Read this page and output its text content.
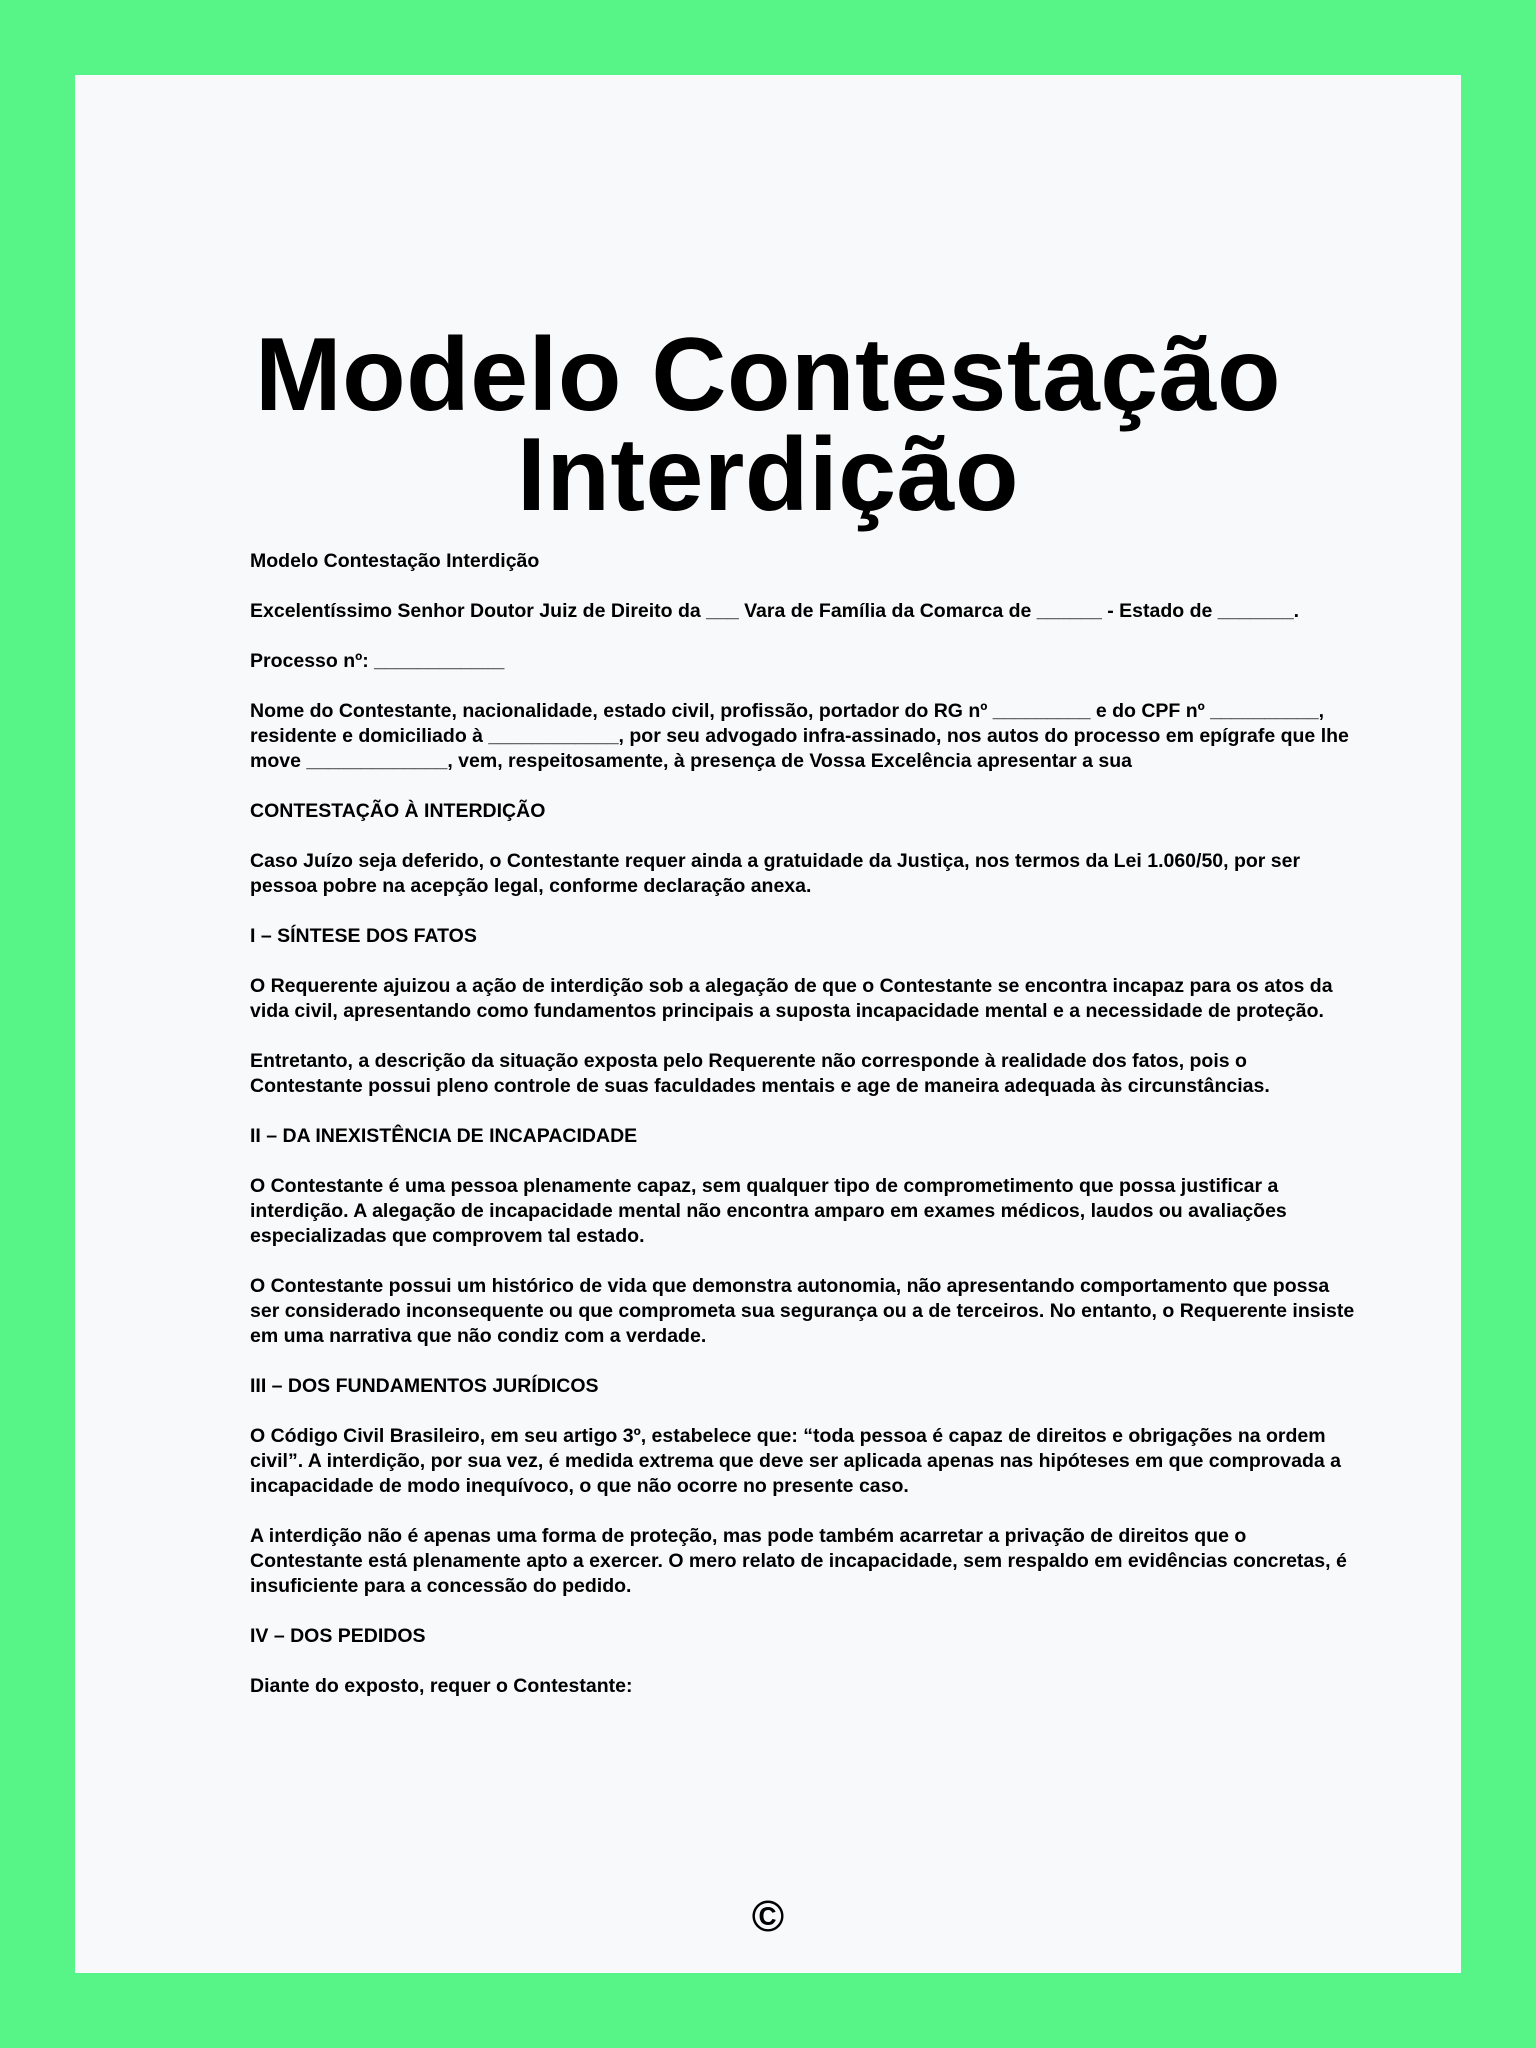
Modelo Contestação
Interdição

Modelo Contestação Interdição

Excelentíssimo Senhor Doutor Juiz de Direito da ___ Vara de Família da Comarca de ______ - Estado de _______.

Processo nº: ____________

Nome do Contestante, nacionalidade, estado civil, profissão, portador do RG nº _________ e do CPF nº __________, residente e domiciliado à ____________, por seu advogado infra-assinado, nos autos do processo em epígrafe que lhe move _____________, vem, respeitosamente, à presença de Vossa Excelência apresentar a sua

CONTESTAÇÃO À INTERDIÇÃO

Caso Juízo seja deferido, o Contestante requer ainda a gratuidade da Justiça, nos termos da Lei 1.060/50, por ser pessoa pobre na acepção legal, conforme declaração anexa.

I – SÍNTESE DOS FATOS

O Requerente ajuizou a ação de interdição sob a alegação de que o Contestante se encontra incapaz para os atos da vida civil, apresentando como fundamentos principais a suposta incapacidade mental e a necessidade de proteção.

Entretanto, a descrição da situação exposta pelo Requerente não corresponde à realidade dos fatos, pois o Contestante possui pleno controle de suas faculdades mentais e age de maneira adequada às circunstâncias.

II – DA INEXISTÊNCIA DE INCAPACIDADE

O Contestante é uma pessoa plenamente capaz, sem qualquer tipo de comprometimento que possa justificar a interdição. A alegação de incapacidade mental não encontra amparo em exames médicos, laudos ou avaliações especializadas que comprovem tal estado.

O Contestante possui um histórico de vida que demonstra autonomia, não apresentando comportamento que possa ser considerado inconsequente ou que comprometa sua segurança ou a de terceiros. No entanto, o Requerente insiste em uma narrativa que não condiz com a verdade.

III – DOS FUNDAMENTOS JURÍDICOS

O Código Civil Brasileiro, em seu artigo 3º, estabelece que: “toda pessoa é capaz de direitos e obrigações na ordem civil”. A interdição, por sua vez, é medida extrema que deve ser aplicada apenas nas hipóteses em que comprovada a incapacidade de modo inequívoco, o que não ocorre no presente caso.

A interdição não é apenas uma forma de proteção, mas pode também acarretar a privação de direitos que o Contestante está plenamente apto a exercer. O mero relato de incapacidade, sem respaldo em evidências concretas, é insuficiente para a concessão do pedido.

IV – DOS PEDIDOS

Diante do exposto, requer o Contestante:

©
